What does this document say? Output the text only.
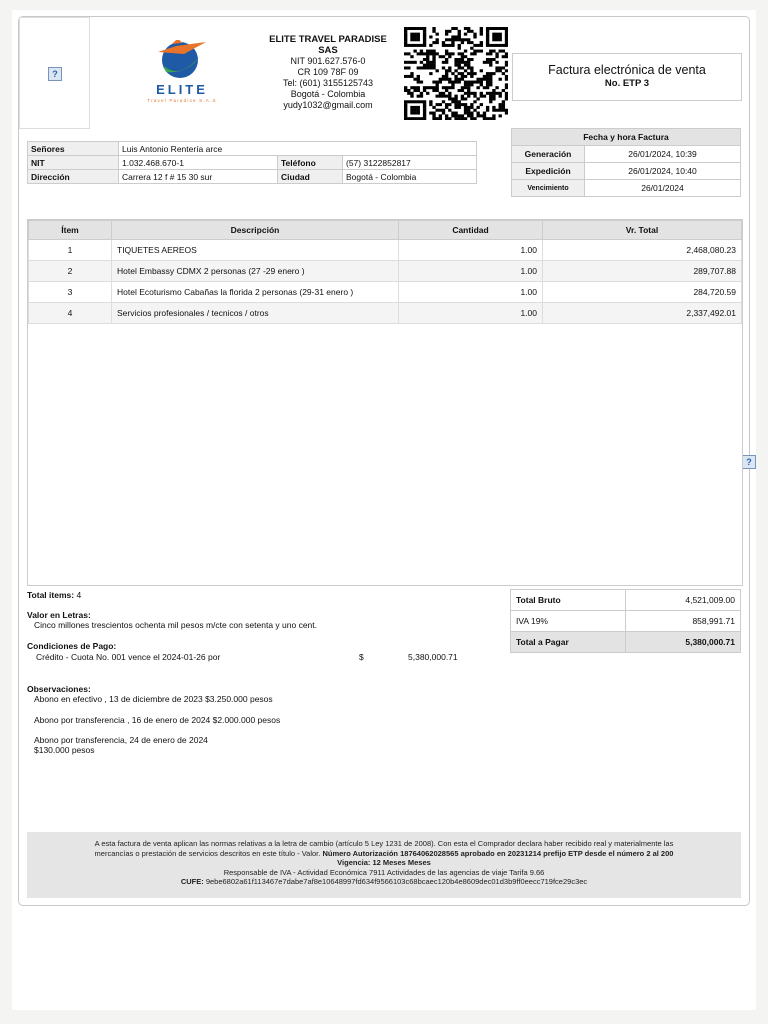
?
?
ELITE
Travel Paradise S.A.S
ELITE TRAVEL PARADISE SAS
NIT 901.627.576-0
CR 109 78F 09
Tel: (601) 3155125743
Bogotá - Colombia
yudy1032@gmail.com
Factura electrónica de venta
No. ETP 3
Señores	Luis Antonio Rentería arce		
NIT	1.032.468.670-1	Teléfono	(57) 3122852817
Dirección	Carrera 12 f # 15 30 sur	Ciudad	Bogotá - Colombia
Fecha y hora Factura	
Generación	26/01/2024, 10:39
Expedición	26/01/2024, 10:40
Vencimiento	26/01/2024
Ítem	Descripción	Cantidad	Vr. Total
1	TIQUETES AEREOS	1.00	2,468,080.23
2	Hotel Embassy CDMX 2 personas (27 -29 enero )	1.00	289,707.88
3	Hotel Ecoturismo Cabañas la florida 2 personas (29-31 enero )	1.00	284,720.59
4	Servicios profesionales / tecnicos / otros	1.00	2,337,492.01
Total items: 4
Valor en Letras:
Cinco millones trescientos ochenta mil pesos m/cte con setenta y uno cent.
Condiciones de Pago:
Crédito - Cuota No. 001 vence el 2024-01-26 por	$	5,380,000.71
Observaciones:
Abono en efectivo , 13 de diciembre de 2023 $3.250.000 pesos
Abono por transferencia , 16 de enero de 2024 $2.000.000 pesos
Abono por transferencia, 24 de enero de 2024
$130.000 pesos
Total Bruto	4,521,009.00
IVA 19%	858,991.71
Total a Pagar	5,380,000.71
A esta factura de venta aplican las normas relativas a la letra de cambio (artículo 5 Ley 1231 de 2008). Con esta el Comprador declara haber recibido real y materialmente las
mercancías o prestación de servicios descritos en este título - Valor. Número Autorización 18764062028565 aprobado en 20231214 prefijo ETP desde el número 2 al 200
Vigencia: 12 Meses Meses
Responsable de IVA - Actividad Económica 7911 Actividades de las agencias de viaje Tarifa 9.66
CUFE: 9ebe6802a61f113467e7dabe7af8e10648997fd634f9566103c68bcaec120b4e8609dec01d3b9ff0eecc719fce29c3ec
